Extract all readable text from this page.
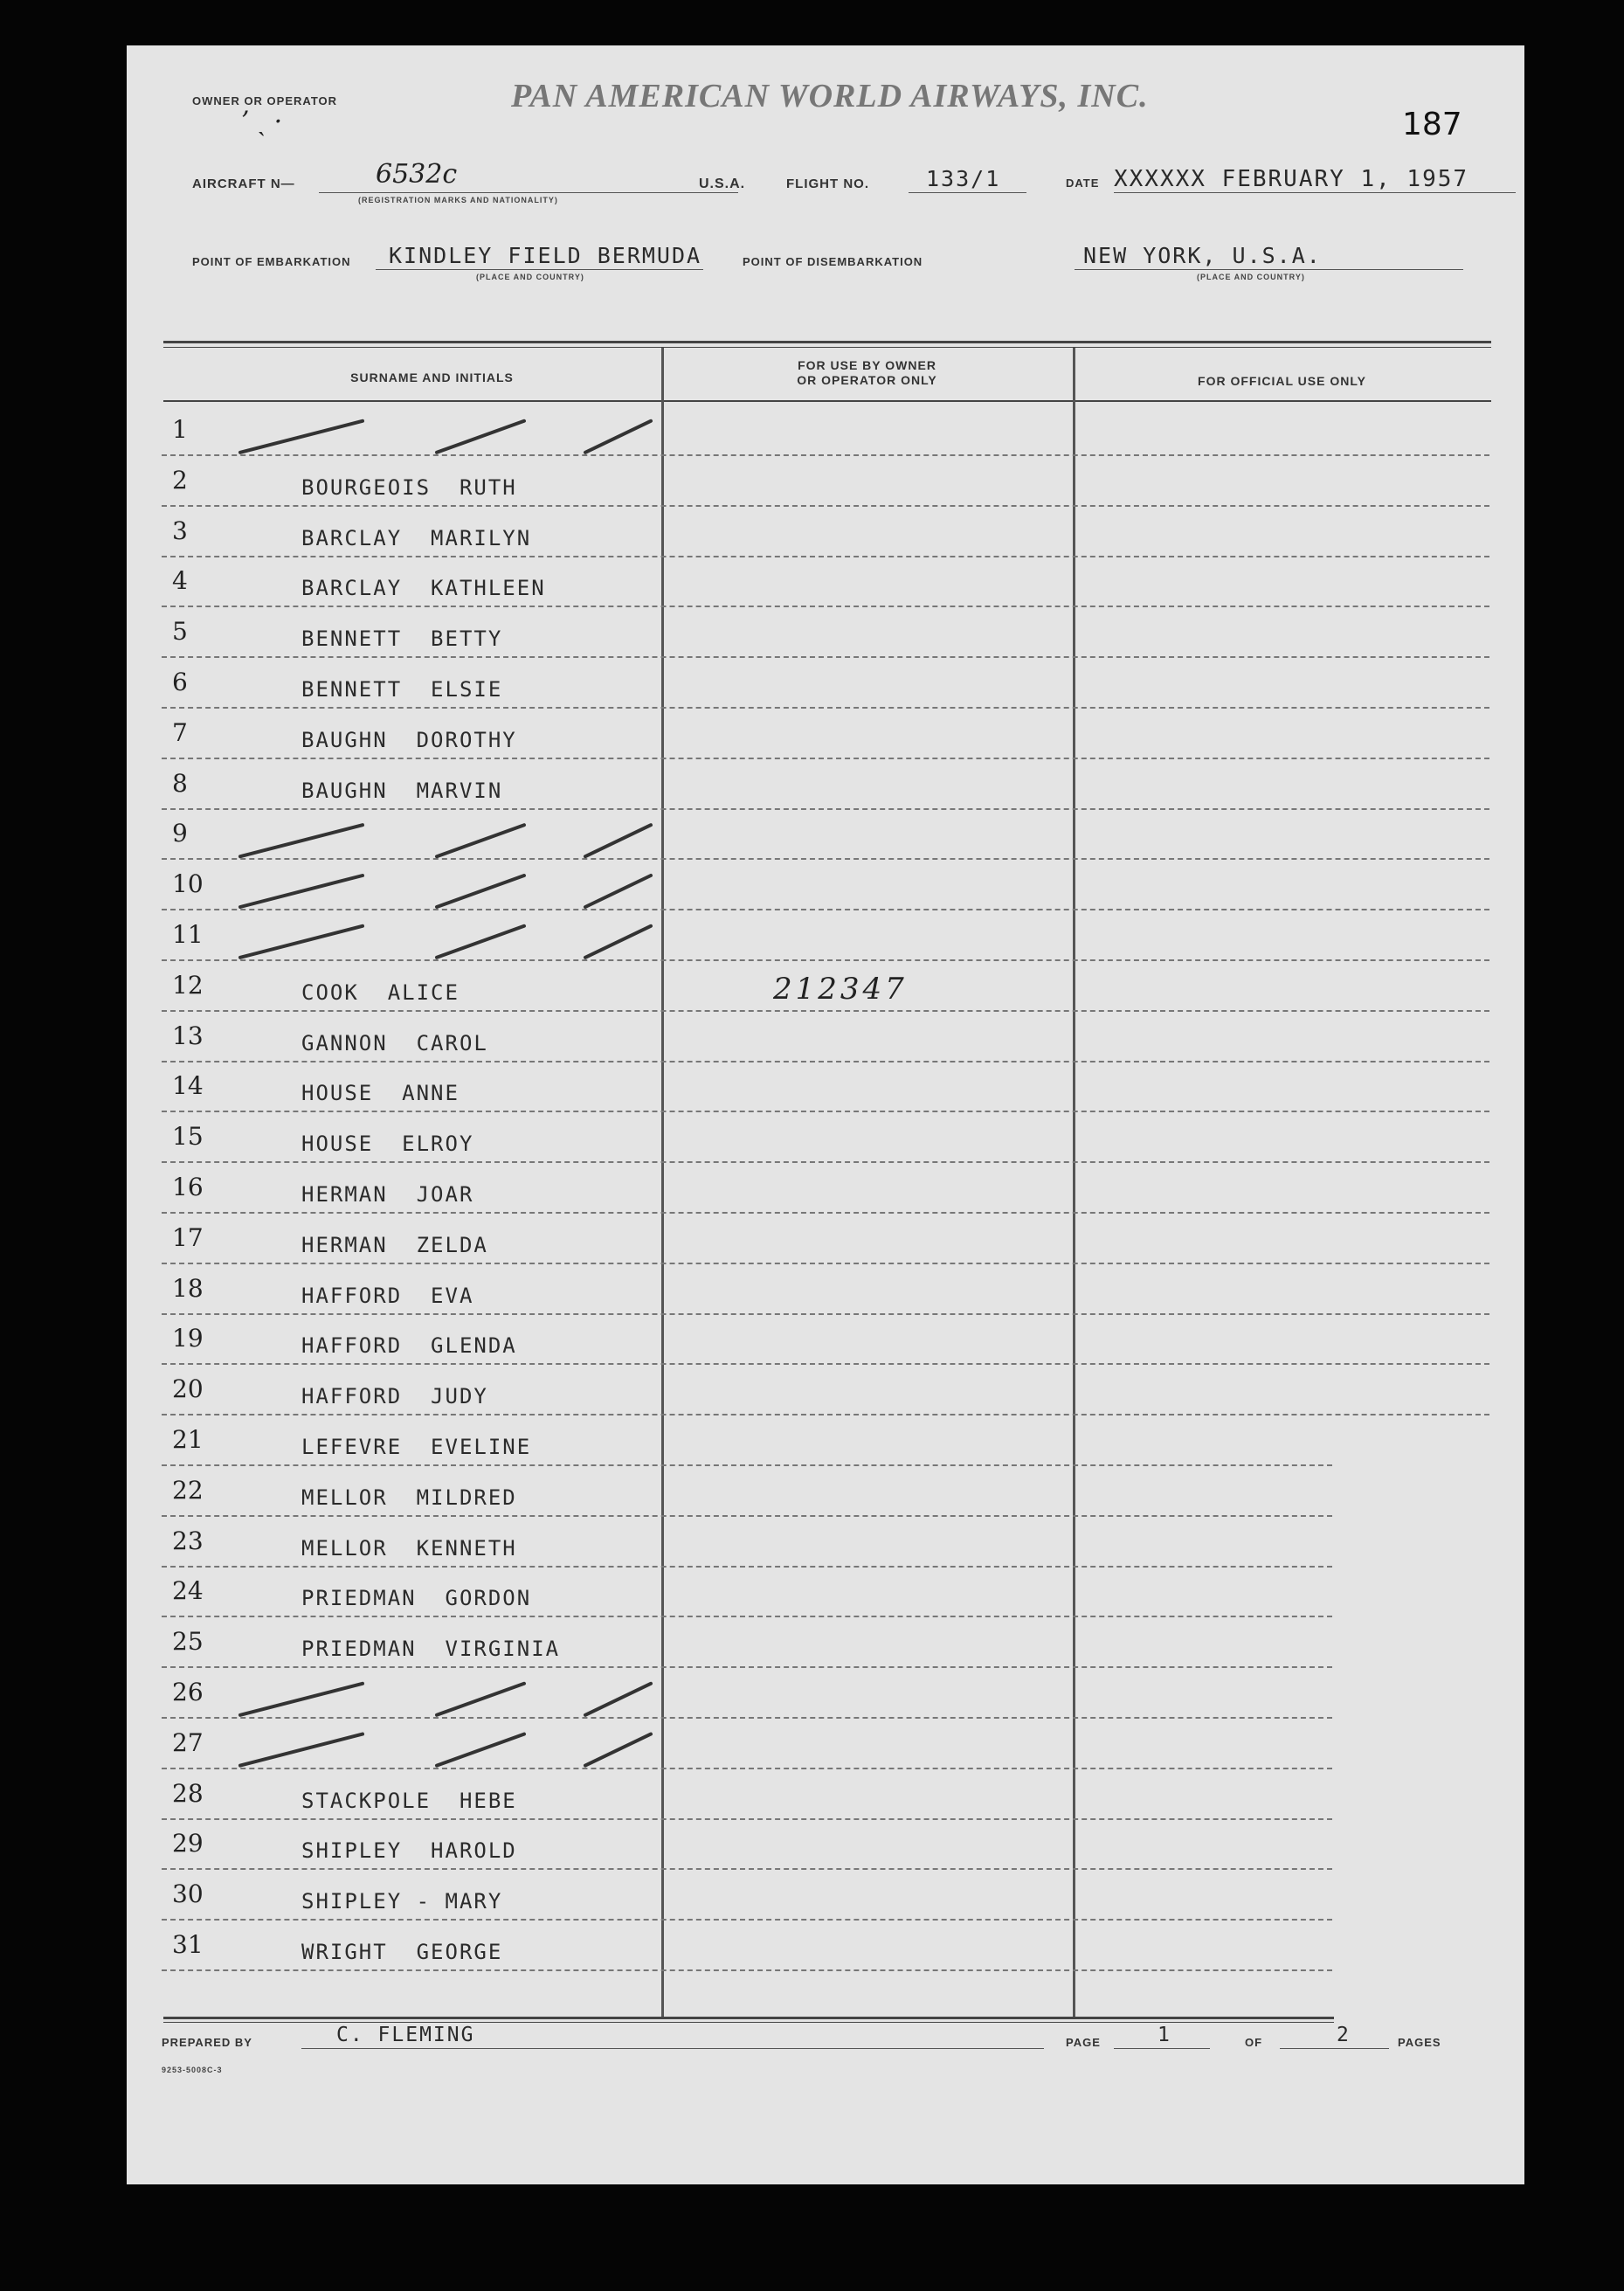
OWNER OR OPERATOR
ʼ ˎ ·
PAN AMERICAN WORLD AIRWAYS, INC.
187
AIRCRAFT N—	6532c
(REGISTRATION MARKS AND NATIONALITY)
U.S.A.	FLIGHT NO.	133/1	DATE XXXXXX FEBRUARY 1, 1957
POINT OF EMBARKATION KINDLEY FIELD BERMUDA
(PLACE AND COUNTRY)
POINT OF DISEMBARKATION	NEW YORK, U.S.A.
(PLACE AND COUNTRY)
SURNAME AND INITIALS
FOR USE BY OWNER
OR OPERATOR ONLY	FOR OFFICIAL USE ONLY
1
2	BOURGEOIS  RUTH
3	BARCLAY  MARILYN
4	BARCLAY  KATHLEEN
5	BENNETT  BETTY
6	BENNETT  ELSIE
7	BAUGHN  DOROTHY
8	BAUGHN  MARVIN
9
10
11
12	COOK  ALICE	212347
13	GANNON  CAROL
14	HOUSE  ANNE
15	HOUSE  ELROY
16	HERMAN  JOAR
17	HERMAN  ZELDA
18	HAFFORD  EVA
19	HAFFORD  GLENDA
20	HAFFORD  JUDY
21	LEFEVRE  EVELINE
22	MELLOR  MILDRED
23	MELLOR  KENNETH
24	PRIEDMAN  GORDON
25	PRIEDMAN  VIRGINIA
26
27
28	STACKPOLE  HEBE
29	SHIPLEY  HAROLD
30	SHIPLEY - MARY
31	WRIGHT  GEORGE
PREPARED BY	C. FLEMING
9253-5008C-3
PAGE	1	OF	2	PAGES
